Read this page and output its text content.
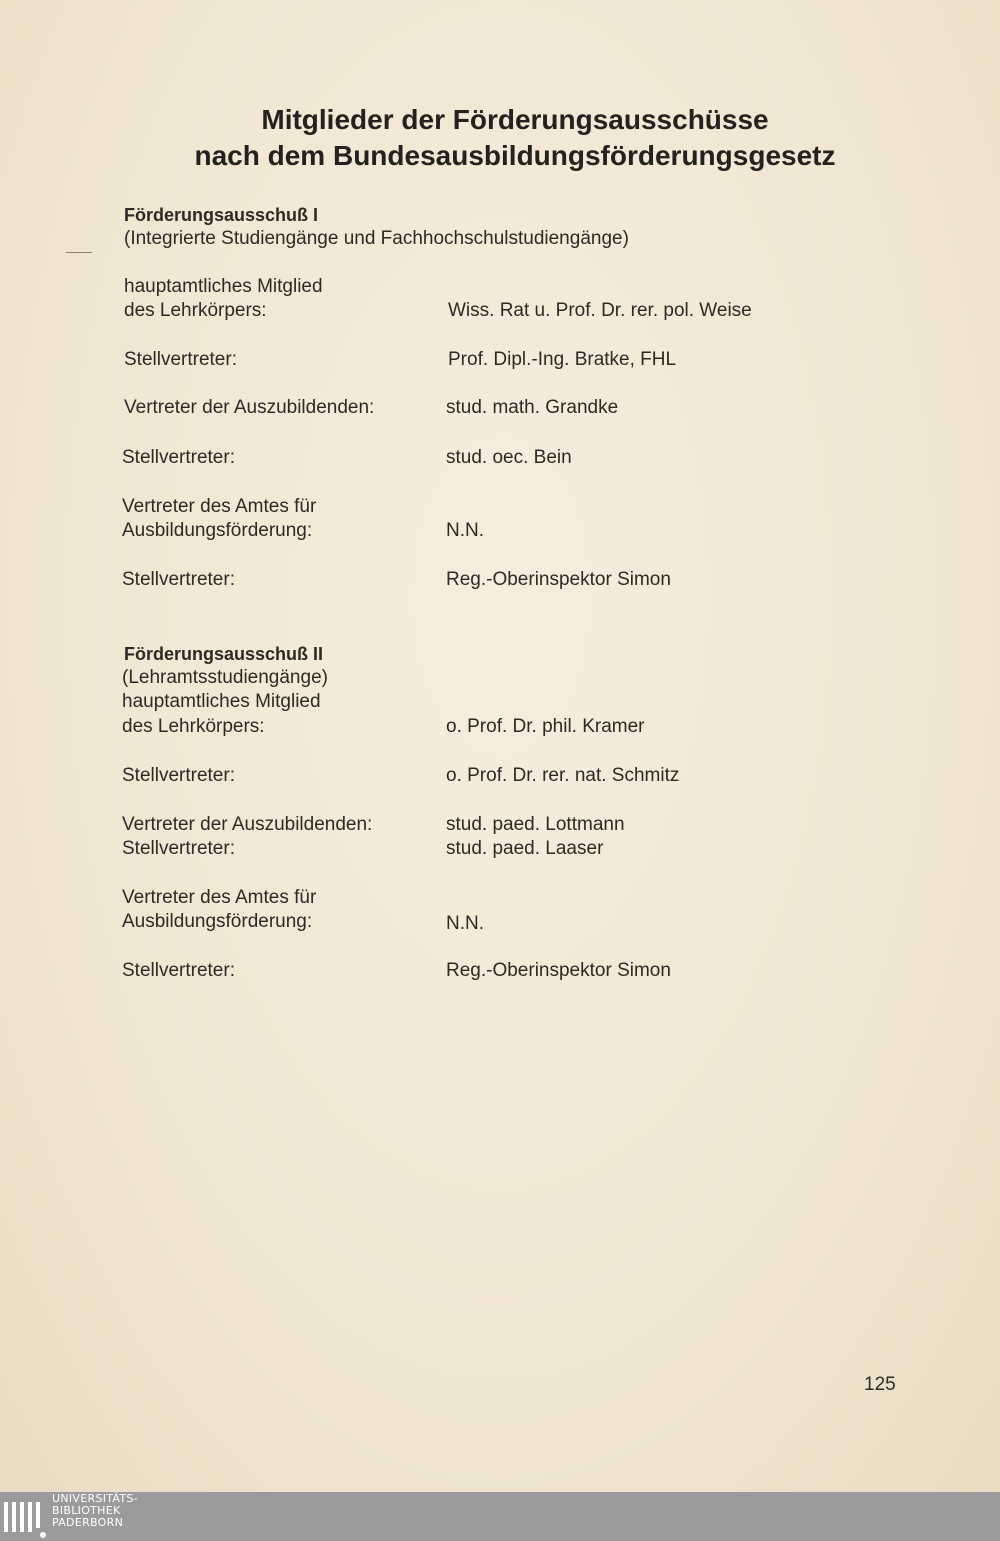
Mitglieder der Förderungsausschüsse
nach dem Bundesausbildungsförderungsgesetz
Förderungsausschuß I
(Integrierte Studiengänge und Fachhochschulstudiengänge)
hauptamtliches Mitglied
des Lehrkörpers:	Wiss. Rat u. Prof. Dr. rer. pol. Weise
Stellvertreter:	Prof. Dipl.-Ing. Bratke, FHL
Vertreter der Auszubildenden:	stud. math. Grandke
Stellvertreter:	stud. oec. Bein
Vertreter des Amtes für
Ausbildungsförderung:	N.N.
Stellvertreter:	Reg.-Oberinspektor Simon
Förderungsausschuß II
(Lehramtsstudiengänge)
hauptamtliches Mitglied
des Lehrkörpers:	o. Prof. Dr. phil. Kramer
Stellvertreter:	o. Prof. Dr. rer. nat. Schmitz
Vertreter der Auszubildenden:	stud. paed. Lottmann
Stellvertreter:	stud. paed. Laaser
Vertreter des Amtes für
Ausbildungsförderung:	N.N.
Stellvertreter:	Reg.-Oberinspektor Simon
125
UNIVERSITÄTS-
BIBLIOTHEK
PADERBORN
